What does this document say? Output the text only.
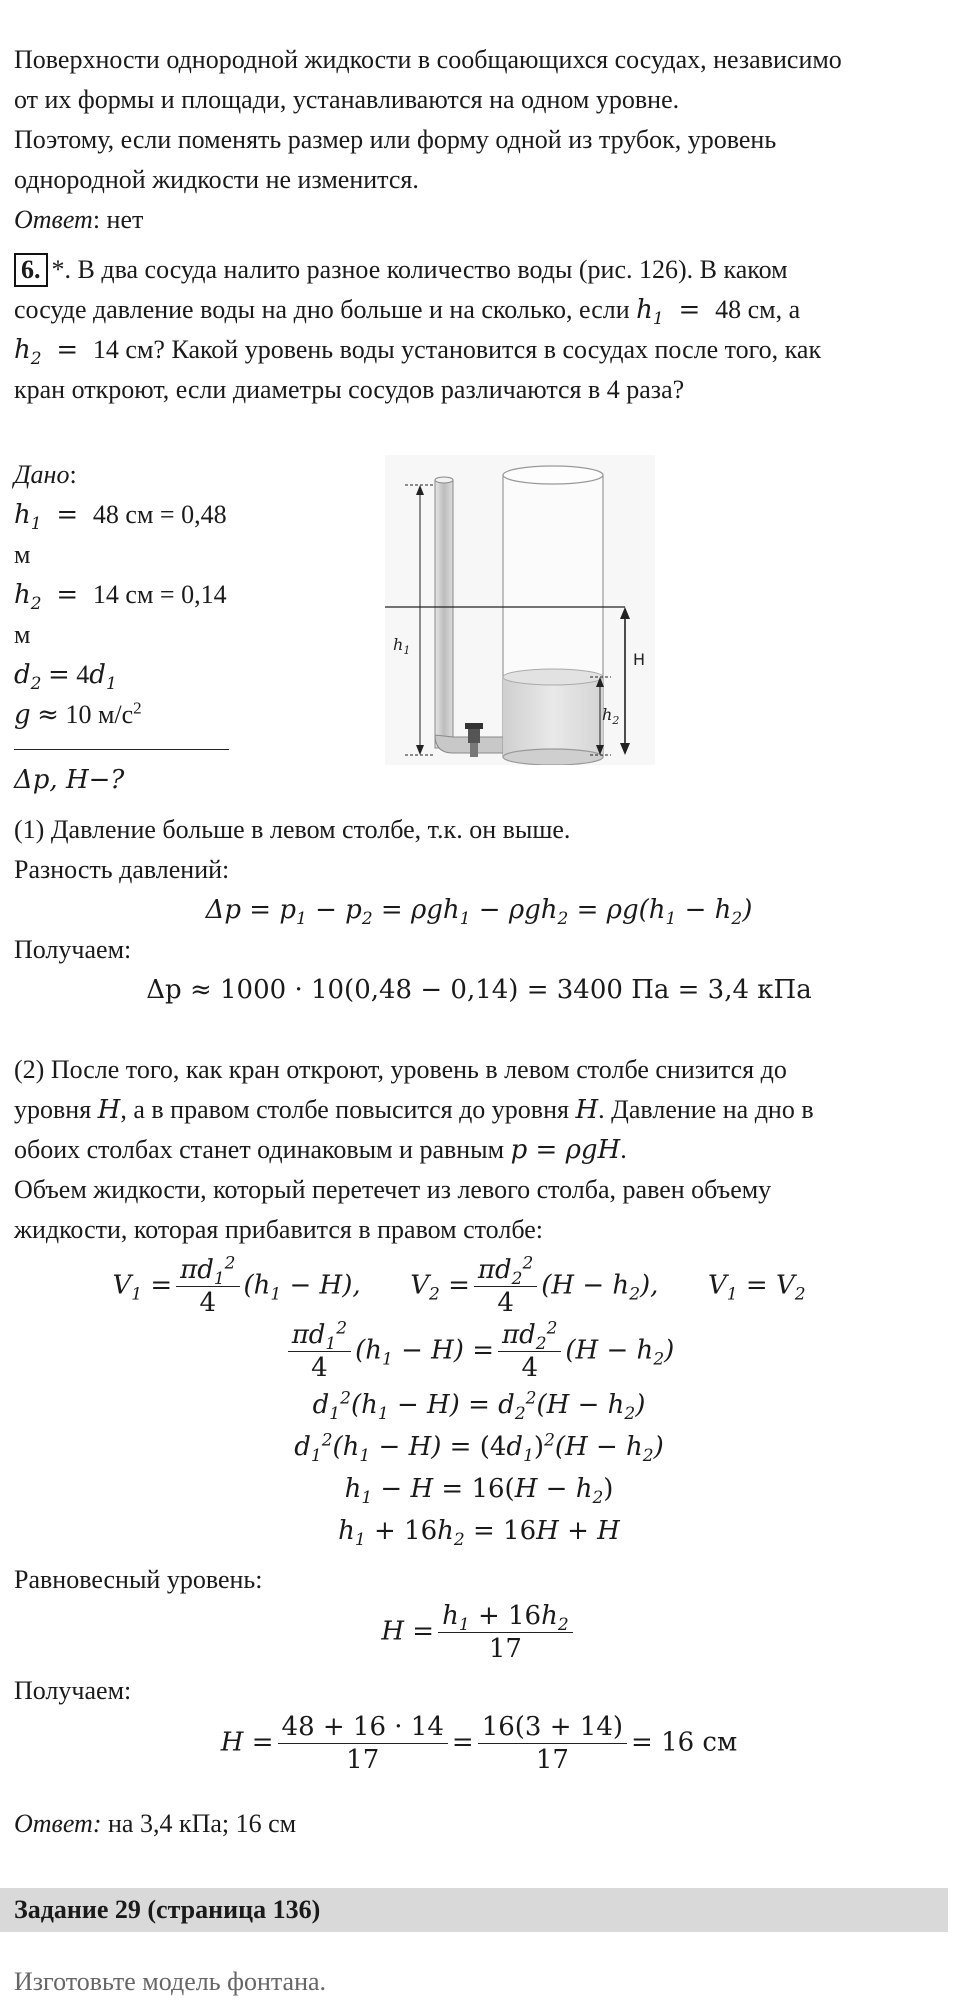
Поверхности однородной жидкости в сообщающихся сосудах, независимо

от их формы и площади, устанавливаются на одном уровне.

Поэтому, если поменять размер или форму одной из трубок, уровень

однородной жидкости не изменится.

Ответ: нет

6. *. В два сосуда налито разное количество воды (рис. 126). В каком

сосуде давление воды на дно больше и на сколько, если $h_1 = 48$ см, а

$h_2 = 14$ см? Какой уровень воды установится в сосудах после того, как

кран откроют, если диаметры сосудов различаются в 4 раза?

Дано:

$h_1 = 48$ см = 0,48 м

$h_2 = 14$ см = 0,14 м

$d_2 = 4d_1$

g ≈ 10 $м/с^2$

Δp, H−?

$h_1$	H
$h_2$

(1) Давление больше в левом столбе, т.к. он выше.

Разность давлений:

$\Delta p = p_1 - p_2 = \rho gh_1 - \rho gh_2 = \rho g(h_1 - h_2)$

Получаем:

Δp ≈ 1000 · 10(0,48 − 0,14) = 3400 Па = 3,4 кПа

(2) После того, как кран откроют, уровень в левом столбе снизится до

уровня H, а в правом столбе повысится до уровня H. Давление на дно в

обоих столбах станет одинаковым и равным p = ρgH.

Объем жидкости, который перетечет из левого столба, равен объему

жидкости, которая прибавится в правом столбе:

$V_1 = \frac{\pi d_1^2}{4} (h_1 - H)$,      $V_2 = \frac{\pi d_2^2}{4} (H - h_2)$,      $V_1 = V_2$
$\frac{\pi d_1^2}{4} (h_1 - H) = \frac{\pi d_2^2}{4} (H - h_2)$
$d_1^2(h_1 - H) = d_2^2(H - h_2)$
$d_1^2(h_1 - H) = (4d_1)^2(H - h_2)$
$h_1 - H = 16(H - h_2)$
$h_1 + 16h_2 = 16H + H$

Равновесный уровень:

$H = \frac{h_1 + 16h_2}{17}$

Получаем:

$H = \frac{48 + 16 \cdot 14}{17} = \frac{16(3 + 14)}{17} = 16$ см

Ответ: на 3,4 кПа; 16 см

Задание 29 (страница 136)

Изготовьте модель фонтана.
